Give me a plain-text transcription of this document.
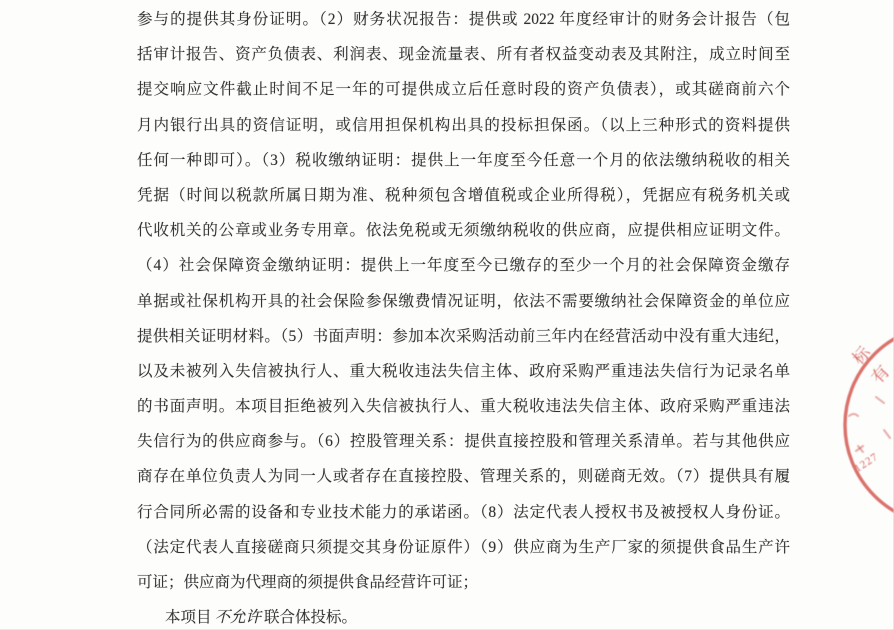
参与的提供其身份证明。（2）财务状况报告：提供或 2022 年度经审计的财务会计报告（包
括审计报告、资产负债表、利润表、现金流量表、所有者权益变动表及其附注，成立时间至
提交响应文件截止时间不足一年的可提供成立后任意时段的资产负债表），或其磋商前六个
月内银行出具的资信证明，或信用担保机构出具的投标担保函。（以上三种形式的资料提供
任何一种即可）。（3）税收缴纳证明：提供上一年度至今任意一个月的依法缴纳税收的相关
凭据（时间以税款所属日期为准、税种须包含增值税或企业所得税），凭据应有税务机关或
代收机关的公章或业务专用章。依法免税或无须缴纳税收的供应商，应提供相应证明文件。
（4）社会保障资金缴纳证明：提供上一年度至今已缴存的至少一个月的社会保障资金缴存
单据或社保机构开具的社会保险参保缴费情况证明，依法不需要缴纳社会保障资金的单位应
提供相关证明材料。（5）书面声明：参加本次采购活动前三年内在经营活动中没有重大违纪，
以及未被列入失信被执行人、重大税收违法失信主体、政府采购严重违法失信行为记录名单
的书面声明。本项目拒绝被列入失信被执行人、重大税收违法失信主体、政府采购严重违法
失信行为的供应商参与。（6）控股管理关系：提供直接控股和管理关系清单。若与其他供应
商存在单位负责人为同一人或者存在直接控股、管理关系的，则磋商无效。（7）提供具有履
行合同所必需的设备和专业技术能力的承诺函。（8）法定代表人授权书及被授权人身份证。
（法定代表人直接磋商只须提交其身份证原件）（9）供应商为生产厂家的须提供食品生产许
可证；供应商为代理商的须提供食品经营许可证；
本项目 不允许 联合体投标。
标
有
1227
